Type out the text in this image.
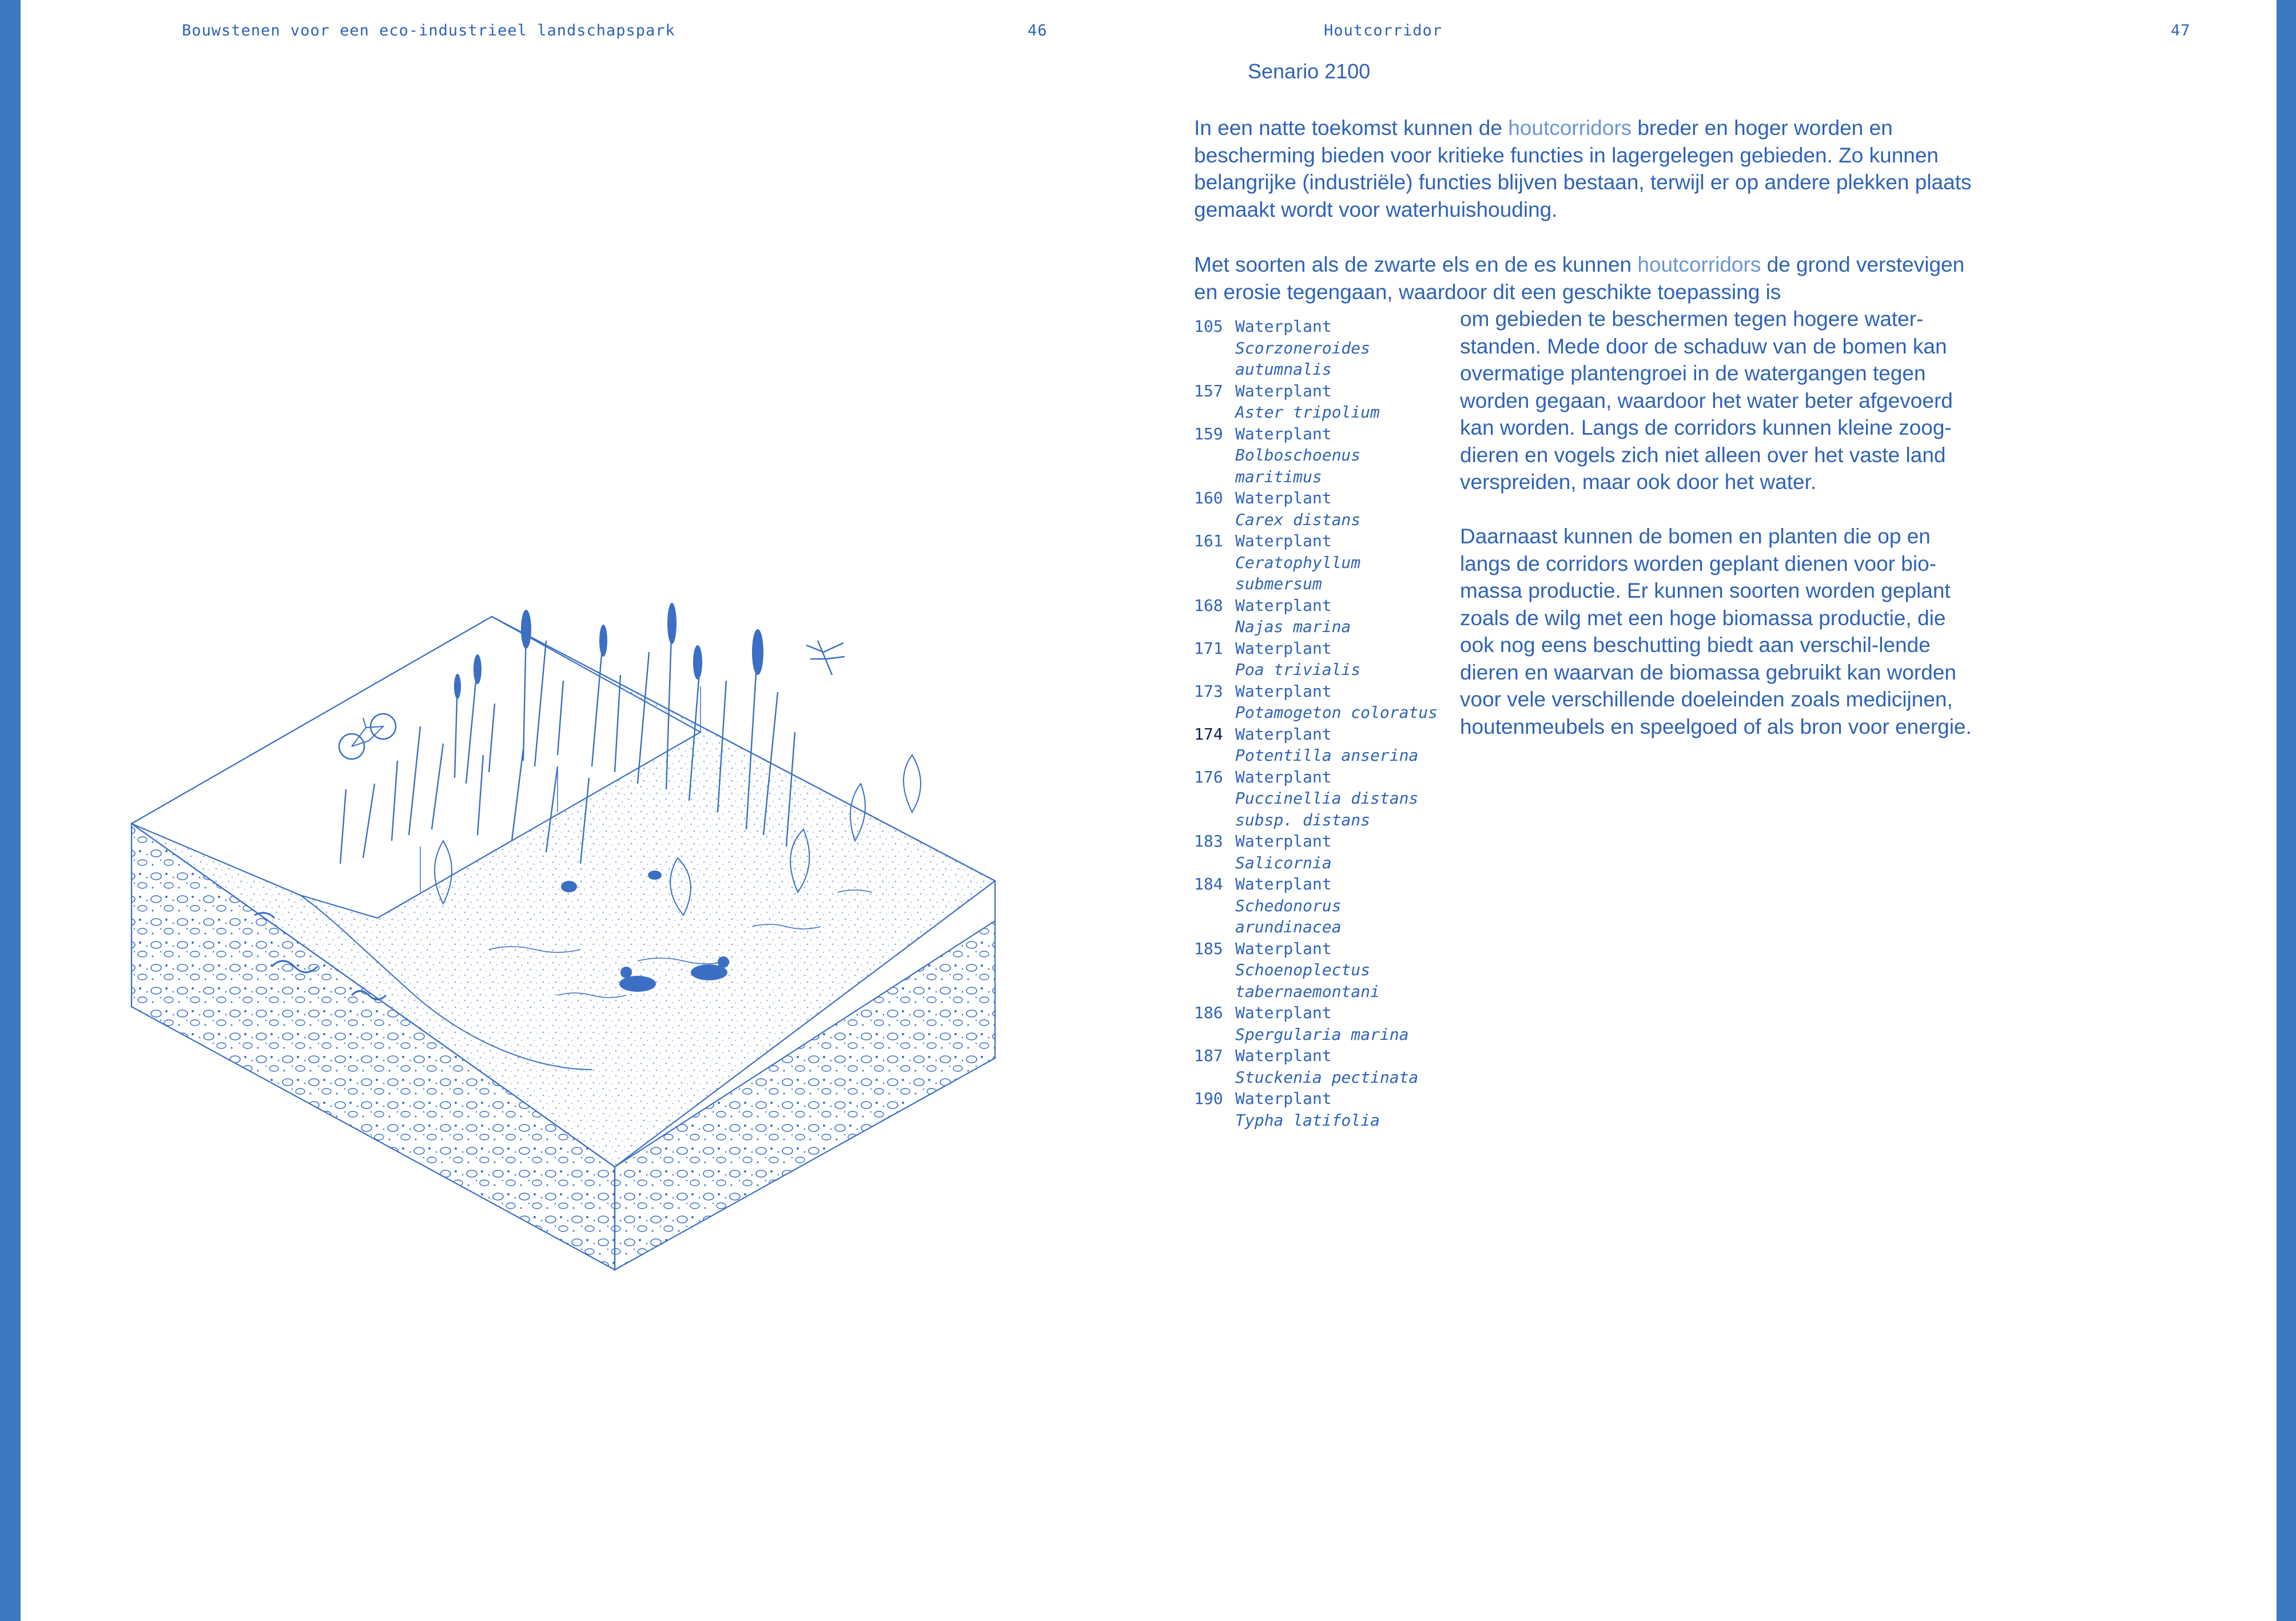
Bouwstenen voor een eco-industrieel landschapspark	46	Houtcorridor	47
Senario 2100

In een natte toekomst kunnen de houtcorridors breder en hoger worden en bescherming bieden voor kritieke functies in lagergelegen gebieden. Zo kunnen belangrijke (industriële) functies blijven bestaan, terwijl er op andere plekken plaats gemaakt wordt voor waterhuishouding.

Met soorten als de zwarte els en de es kunnen houtcorridors de grond verstevigen en erosie tegengaan, waardoor dit een geschikte toepassing is

om gebieden te beschermen tegen hogere water-standen. Mede door de schaduw van de bomen kan overmatige plantengroei in de watergangen tegen worden gegaan, waardoor het water beter afgevoerd kan worden. Langs de corridors kunnen kleine zoog-dieren en vogels zich niet alleen over het vaste land verspreiden, maar ook door het water.

Daarnaast kunnen de bomen en planten die op en langs de corridors worden geplant dienen voor bio-massa productie. Er kunnen soorten worden geplant zoals de wilg met een hoge biomassa productie, die ook nog eens beschutting biedt aan verschil-lende dieren en waarvan de biomassa gebruikt kan worden voor vele verschillende doeleinden zoals medicijnen, houtenmeubels en speelgoed of als bron voor energie.

105 Waterplant
Scorzoneroides
autumnalis
157 Waterplant
Aster tripolium
159 Waterplant
Bolboschoenus
maritimus
160 Waterplant
Carex distans
161 Waterplant
Ceratophyllum
submersum
168 Waterplant
Najas marina
171 Waterplant
Poa trivialis
173 Waterplant
Potamogeton coloratus
174 Waterplant
Potentilla anserina
176 Waterplant
Puccinellia distans
subsp. distans
183 Waterplant
Salicornia
184 Waterplant
Schedonorus
arundinacea
185 Waterplant
Schoenoplectus
tabernaemontani
186 Waterplant
Spergularia marina
187 Waterplant
Stuckenia pectinata
190 Waterplant
Typha latifolia
